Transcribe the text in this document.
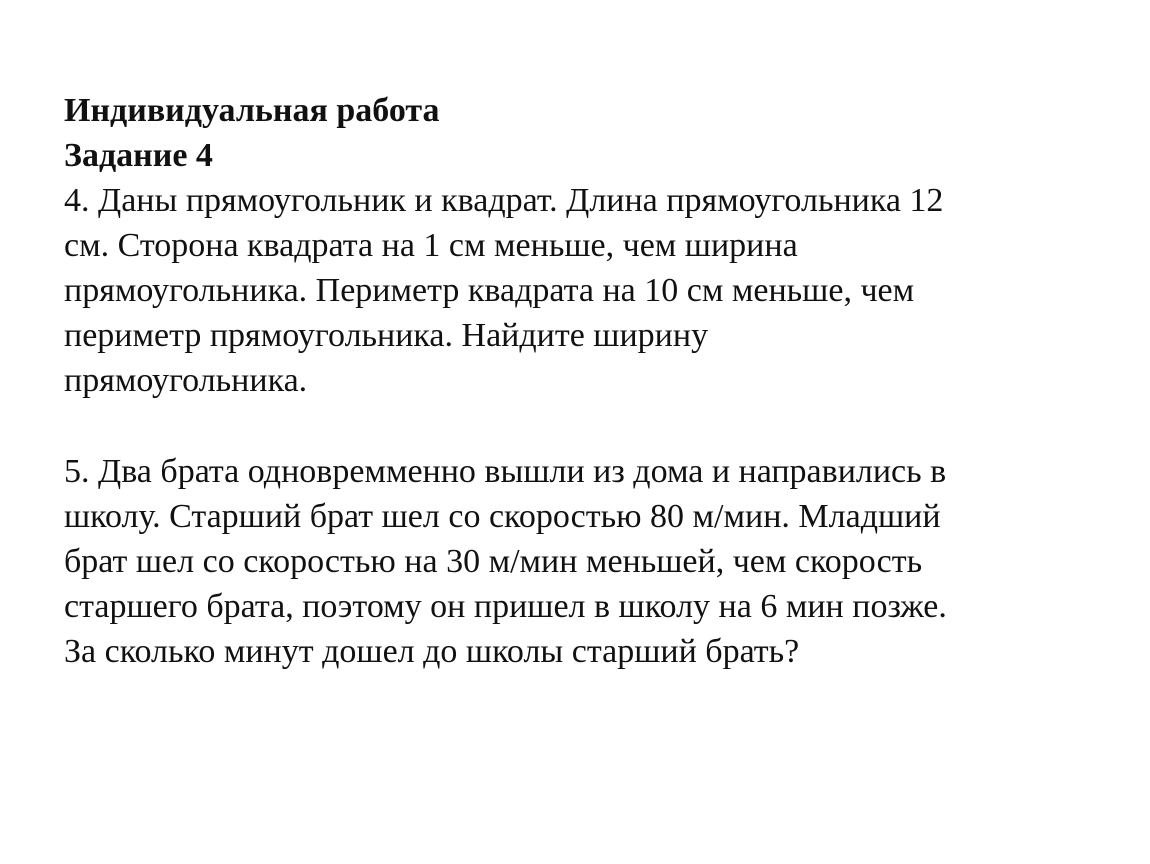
Индивидуальная работа
Задание 4
4. Даны прямоугольник и квадрат. Длина прямоугольника 12
см. Сторона квадрата на 1 см меньше, чем ширина
прямоугольника. Периметр квадрата на 10 см меньше, чем
периметр прямоугольника. Найдите ширину
прямоугольника.
5. Два брата одновремменно вышли из дома и направились в
школу. Старший брат шел со скоростью 80 м/мин. Младший
брат шел со скоростью на 30 м/мин меньшей, чем скорость
старшего брата, поэтому он пришел в школу на 6 мин позже.
За сколько минут дошел до школы старший брать?
